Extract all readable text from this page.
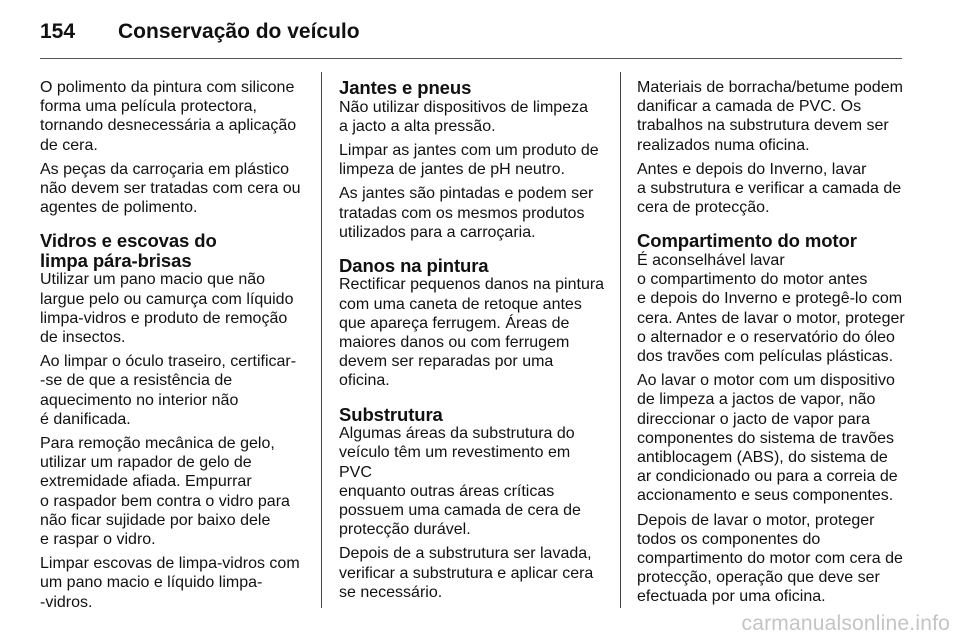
154	Conservação do veículo

O polimento da pintura com silicone
forma uma película protectora,
tornando desnecessária a aplicação
de cera.

As peças da carroçaria em plástico
não devem ser tratadas com cera ou
agentes de polimento.

Vidros e escovas do
limpa pára-brisas

Utilizar um pano macio que não
largue pelo ou camurça com líquido
limpa-vidros e produto de remoção
de insectos.

Ao limpar o óculo traseiro, certificar-
-se de que a resistência de
aquecimento no interior não
é danificada.

Para remoção mecânica de gelo,
utilizar um rapador de gelo de
extremidade afiada. Empurrar
o raspador bem contra o vidro para
não ficar sujidade por baixo dele
e raspar o vidro.

Limpar escovas de limpa-vidros com
um pano macio e líquido limpa-
-vidros.

Jantes e pneus

Não utilizar dispositivos de limpeza
a jacto a alta pressão.

Limpar as jantes com um produto de
limpeza de jantes de pH neutro.

As jantes são pintadas e podem ser
tratadas com os mesmos produtos
utilizados para a carroçaria.

Danos na pintura

Rectificar pequenos danos na pintura
com uma caneta de retoque antes
que apareça ferrugem. Áreas de
maiores danos ou com ferrugem
devem ser reparadas por uma
oficina.

Substrutura

Algumas áreas da substrutura do
veículo têm um revestimento em PVC
enquanto outras áreas críticas
possuem uma camada de cera de
protecção durável.

Depois de a substrutura ser lavada,
verificar a substrutura e aplicar cera
se necessário.

Materiais de borracha/betume podem
danificar a camada de PVC. Os
trabalhos na substrutura devem ser
realizados numa oficina.

Antes e depois do Inverno, lavar
a substrutura e verificar a camada de
cera de protecção.

Compartimento do motor

É aconselhável lavar
o compartimento do motor antes
e depois do Inverno e protegê-lo com
cera. Antes de lavar o motor, proteger
o alternador e o reservatório do óleo
dos travões com películas plásticas.

Ao lavar o motor com um dispositivo
de limpeza a jactos de vapor, não
direccionar o jacto de vapor para
componentes do sistema de travões
antiblocagem (ABS), do sistema de
ar condicionado ou para a correia de
accionamento e seus componentes.

Depois de lavar o motor, proteger
todos os componentes do
compartimento do motor com cera de
protecção, operação que deve ser
efectuada por uma oficina.

carmanualsonline.info
